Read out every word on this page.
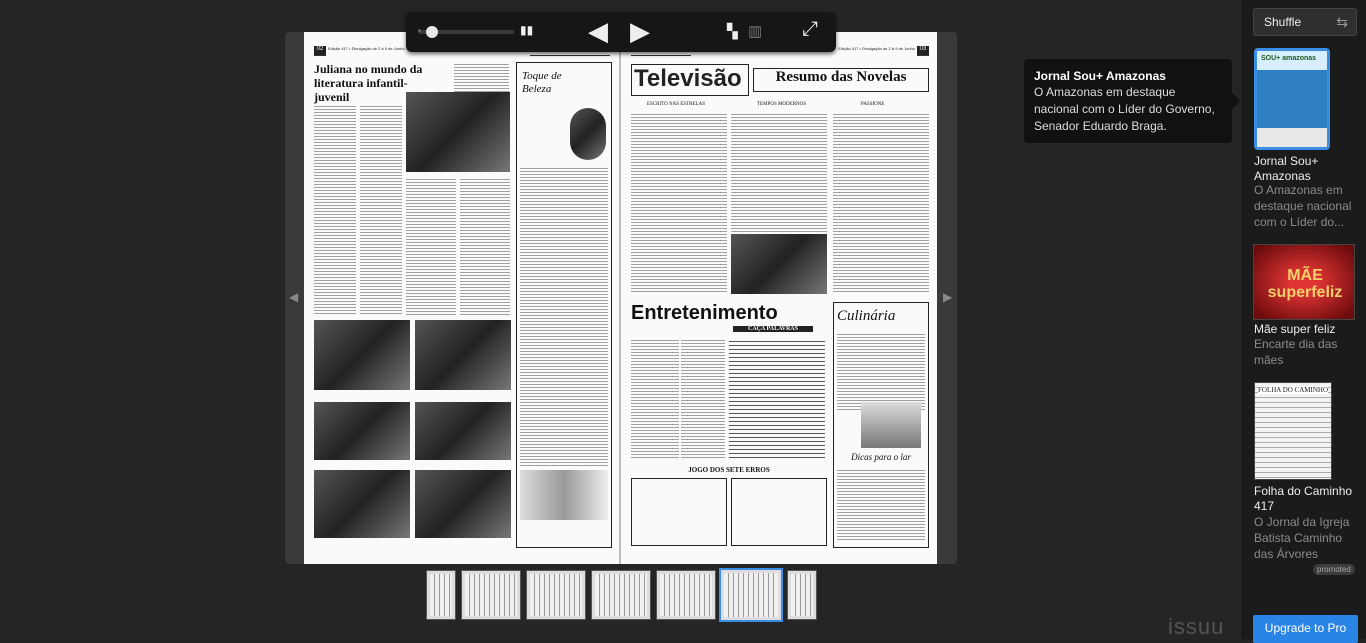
▪	▮▮ ◀ ▶	▚ ▥ ⤢
◀	▶
02	Edição 417 • Divulgação de 2 à 9 de Junho
Juliana no mundo da literatura infantil-juvenil
Toque de Beleza
Edição 417 • Divulgação de 2 à 9 de Junho 03
Televisão	Resumo das Novelas
ESCRITO NAS ESTRELAS	TEMPOS MODERNOS	PASSIONE
Entretenimento
CAÇA PALAVRAS
JOGO DOS SETE ERROS
Culinária
Dicas para o lar
issuu
Jornal Sou+ Amazonas
O Amazonas em destaque nacional com o Líder do Governo, Senador Eduardo Braga.
Shuffle	⇆
SOU+ amazonas
Jornal Sou+ Amazonas
O Amazonas em destaque nacional com o Líder do...
MÃE superfeliz
Mãe super feliz
Encarte dia das mães
FOLHA DO CAMINHO
Folha do Caminho 417
O Jornal da Igreja Batista Caminho das Árvores
promoted
Upgrade to Pro
